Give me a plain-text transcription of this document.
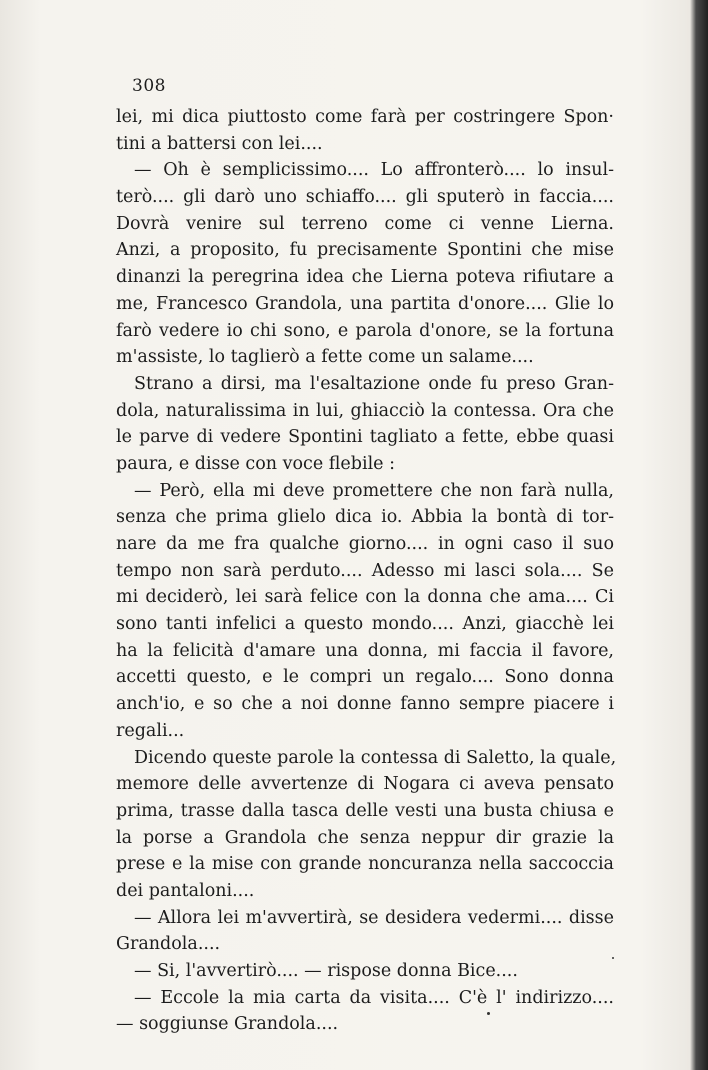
308
lei, mi dica piuttosto come farà per costringere Spon·
tini a battersi con lei....
— Oh è semplicissimo.... Lo affronterò.... lo insul-
terò.... gli darò uno schiaffo.... gli sputerò in faccia....
Dovrà venire sul terreno come ci venne Lierna.
Anzi, a proposito, fu precisamente Spontini che mise
dinanzi la peregrina idea che Lierna poteva rifiutare a
me, Francesco Grandola, una partita d'onore.... Glie lo
farò vedere io chi sono, e parola d'onore, se la fortuna
m'assiste, lo taglierò a fette come un salame....
Strano a dirsi, ma l'esaltazione onde fu preso Gran-
dola, naturalissima in lui, ghiacciò la contessa. Ora che
le parve di vedere Spontini tagliato a fette, ebbe quasi
paura, e disse con voce flebile :
— Però, ella mi deve promettere che non farà nulla,
senza che prima glielo dica io. Abbia la bontà di tor-
nare da me fra qualche giorno.... in ogni caso il suo
tempo non sarà perduto.... Adesso mi lasci sola.... Se
mi deciderò, lei sarà felice con la donna che ama.... Ci
sono tanti infelici a questo mondo.... Anzi, giacchè lei
ha la felicità d'amare una donna, mi faccia il favore,
accetti questo, e le compri un regalo.... Sono donna
anch'io, e so che a noi donne fanno sempre piacere i
regali...
Dicendo queste parole la contessa di Saletto, la quale,
memore delle avvertenze di Nogara ci aveva pensato
prima, trasse dalla tasca delle vesti una busta chiusa e
la porse a Grandola che senza neppur dir grazie la
prese e la mise con grande noncuranza nella saccoccia
dei pantaloni....
— Allora lei m'avvertirà, se desidera vedermi.... disse
Grandola....
— Si, l'avvertirò.... — rispose donna Bice....
— Eccole la mia carta da visita.... C'è l' indirizzo....
— soggiunse Grandola....
